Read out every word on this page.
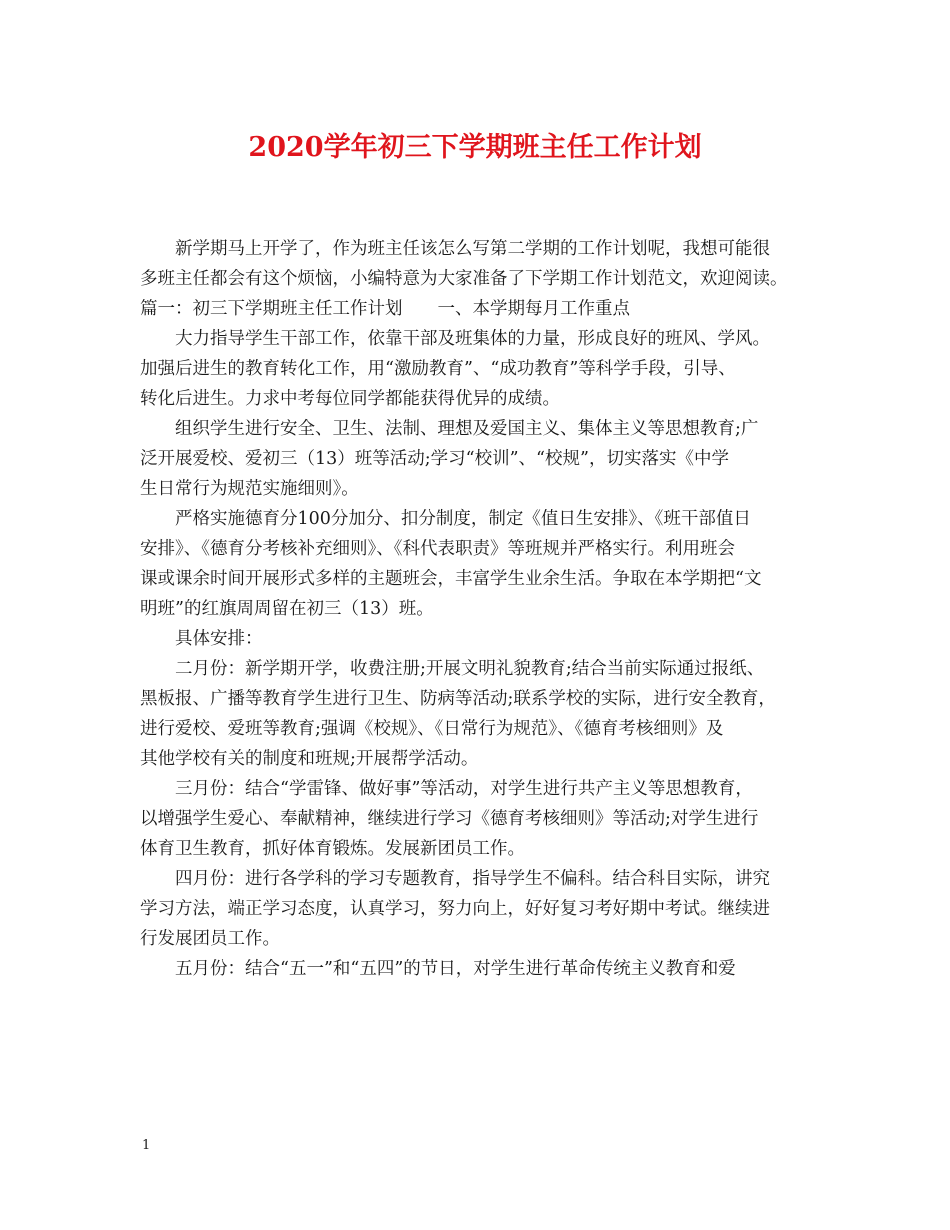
2020学年初三下学期班主任工作计划
新学期马上开学了，作为班主任该怎么写第二学期的工作计划呢，我想可能很
多班主任都会有这个烦恼，小编特意为大家准备了下学期工作计划范文，欢迎阅读。
篇一：初三下学期班主任工作计划　　一、本学期每月工作重点
大力指导学生干部工作，依靠干部及班集体的力量，形成良好的班风、学风。
加强后进生的教育转化工作，用“激励教育”、“成功教育”等科学手段，引导、
转化后进生。力求中考每位同学都能获得优异的成绩。
组织学生进行安全、卫生、法制、理想及爱国主义、集体主义等思想教育;广
泛开展爱校、爱初三（13）班等活动;学习“校训”、“校规”，切实落实《中学
生日常行为规范实施细则》。
严格实施德育分100分加分、扣分制度，制定《值日生安排》、《班干部值日
安排》、《德育分考核补充细则》、《科代表职责》等班规并严格实行。利用班会
课或课余时间开展形式多样的主题班会，丰富学生业余生活。争取在本学期把“文
明班”的红旗周周留在初三（13）班。
具体安排：
二月份：新学期开学，收费注册;开展文明礼貌教育;结合当前实际通过报纸、
黑板报、广播等教育学生进行卫生、防病等活动;联系学校的实际，进行安全教育，
进行爱校、爱班等教育;强调《校规》、《日常行为规范》、《德育考核细则》及
其他学校有关的制度和班规;开展帮学活动。
三月份：结合“学雷锋、做好事”等活动，对学生进行共产主义等思想教育，
以增强学生爱心、奉献精神，继续进行学习《德育考核细则》等活动;对学生进行
体育卫生教育，抓好体育锻炼。发展新团员工作。
四月份：进行各学科的学习专题教育，指导学生不偏科。结合科目实际，讲究
学习方法，端正学习态度，认真学习，努力向上，好好复习考好期中考试。继续进
行发展团员工作。
五月份：结合“五一”和“五四”的节日，对学生进行革命传统主义教育和爱
1
